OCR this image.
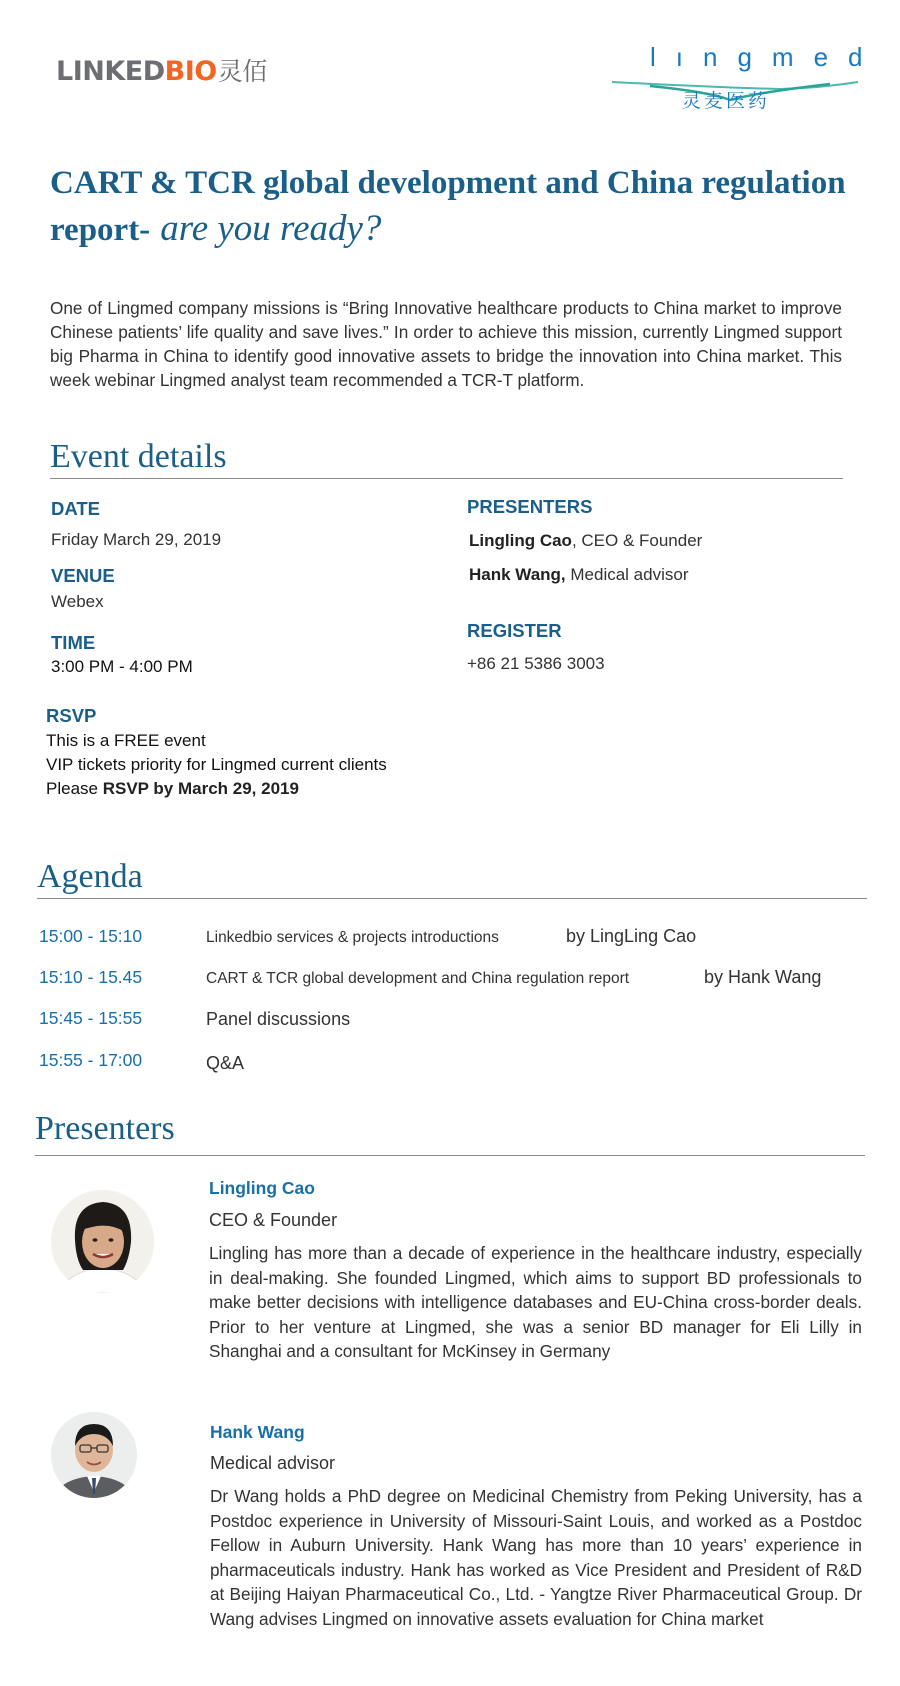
LINKEDBIO灵佰	lıngmed
灵麦医药
CART & TCR global development and China regulation
report- are you ready?
One of Lingmed company missions is “Bring Innovative healthcare products to China market to improve Chinese patients’ life quality and save lives.” In order to achieve this mission, currently Lingmed support big Pharma in China to identify good innovative assets to bridge the innovation into China market. This week webinar Lingmed analyst team recommended a TCR-T platform.
Event details
DATE
Friday March 29, 2019
VENUE
Webex
TIME
3:00 PM - 4:00 PM
PRESENTERS
Lingling Cao, CEO & Founder
Hank Wang, Medical advisor
REGISTER
+86 21 5386 3003
RSVP
This is a FREE event
VIP tickets priority for Lingmed current clients
Please RSVP by March 29, 2019
Agenda
15:00 - 15:10	Linkedbio services & projects introductions	by LingLing Cao
15:10 - 15.45	CART & TCR global development and China regulation report	by Hank Wang
15:45 - 15:55	Panel discussions
15:55 - 17:00	Q&A
Presenters
Lingling Cao
CEO & Founder
Lingling has more than a decade of experience in the healthcare industry, especially in deal-making. She founded Lingmed, which aims to support BD professionals to make better decisions with intelligence databases and EU-China cross-border deals. Prior to her venture at Lingmed, she was a senior BD manager for Eli Lilly in Shanghai and a consultant for McKinsey in Germany
Hank Wang
Medical advisor
Dr Wang holds a PhD degree on Medicinal Chemistry from Peking University, has a Postdoc experience in University of Missouri-Saint Louis, and worked as a Postdoc Fellow in Auburn University. Hank Wang has more than 10 years’ experience in pharmaceuticals industry. Hank has worked as Vice President and President of R&D at Beijing Haiyan Pharmaceutical Co., Ltd. - Yangtze River Pharmaceutical Group. Dr Wang advises Lingmed on innovative assets evaluation for China market
